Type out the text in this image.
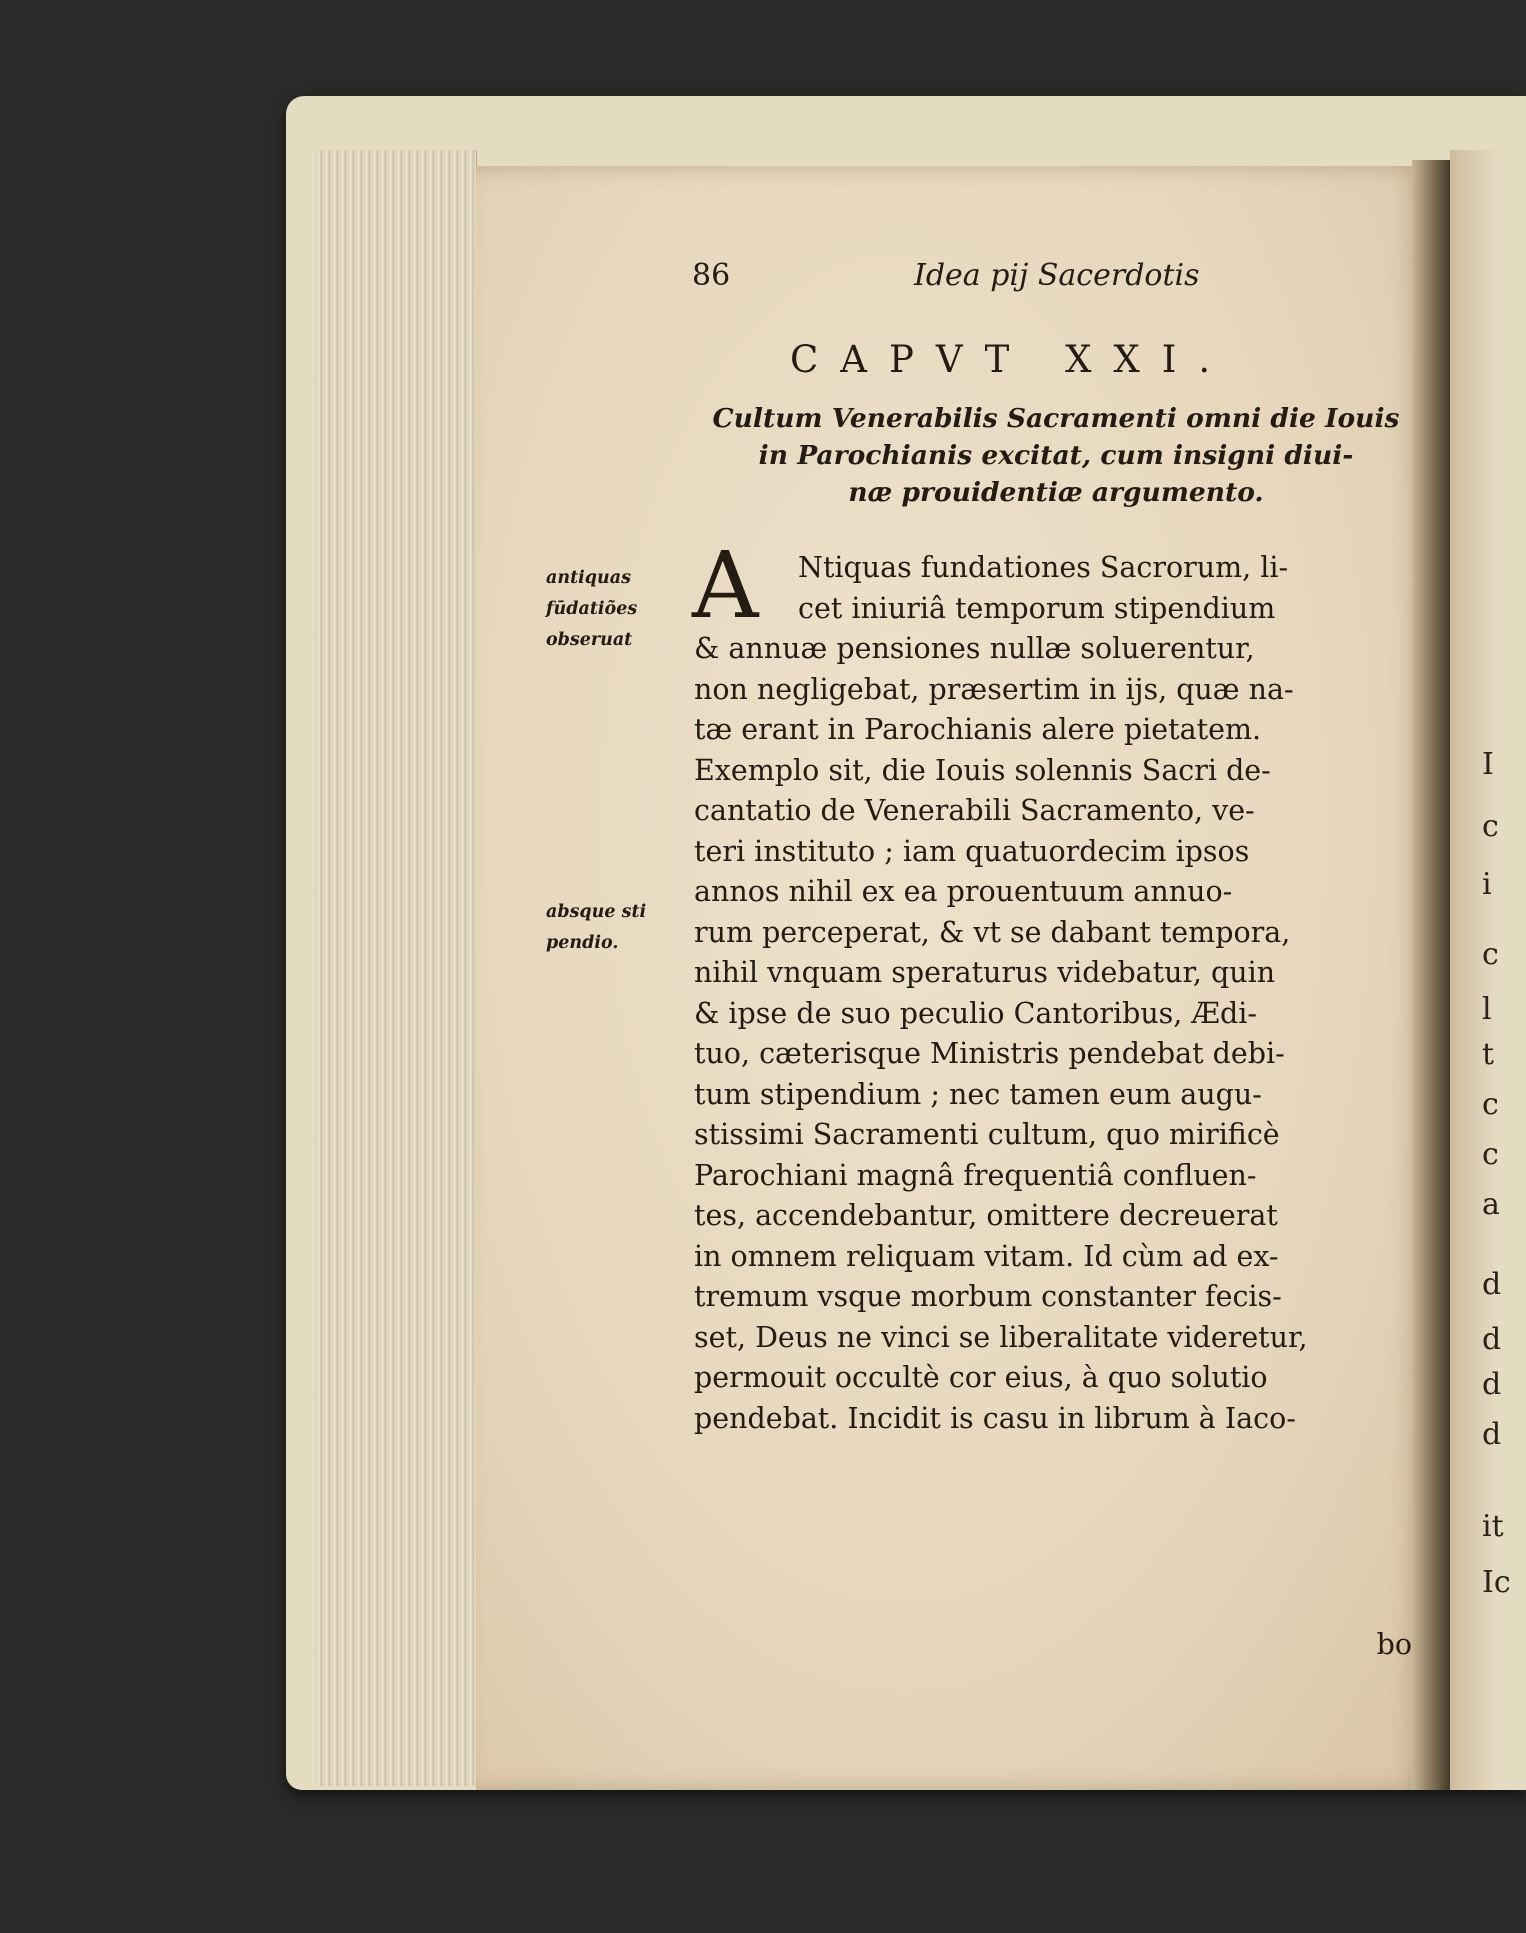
I
c
i
c
l
t
c
c
a
d
d
d
d
it
Ic
86	Idea pij Sacerdotis
CAPVT XXI.
Cultum Venerabilis Sacramenti omni die Iouis
in Parochianis excitat, cum insigni diui-
næ prouidentiæ argumento.
antiquas
fūdatiões
obseruat
absque sti
pendio.
A	Ntiquas fundationes Sacrorum, li-
cet iniuriâ temporum stipendium
& annuæ pensiones nullæ soluerentur,
non negligebat, præsertim in ijs, quæ na-
tæ erant in Parochianis alere pietatem.
Exemplo sit, die Iouis solennis Sacri de-
cantatio de Venerabili Sacramento, ve-
teri instituto ; iam quatuordecim ipsos
annos nihil ex ea prouentuum annuo-
rum perceperat, & vt se dabant tempora,
nihil vnquam speraturus videbatur, quin
& ipse de suo peculio Cantoribus, Ædi-
tuo, cæterisque Ministris pendebat debi-
tum stipendium ; nec tamen eum augu-
stissimi Sacramenti cultum, quo mirificè
Parochiani magnâ frequentiâ confluen-
tes, accendebantur, omittere decreuerat
in omnem reliquam vitam. Id cùm ad ex-
tremum vsque morbum constanter fecis-
set, Deus ne vinci se liberalitate videretur,
permouit occultè cor eius, à quo solutio
pendebat. Incidit is casu in librum à Iaco-
bo
